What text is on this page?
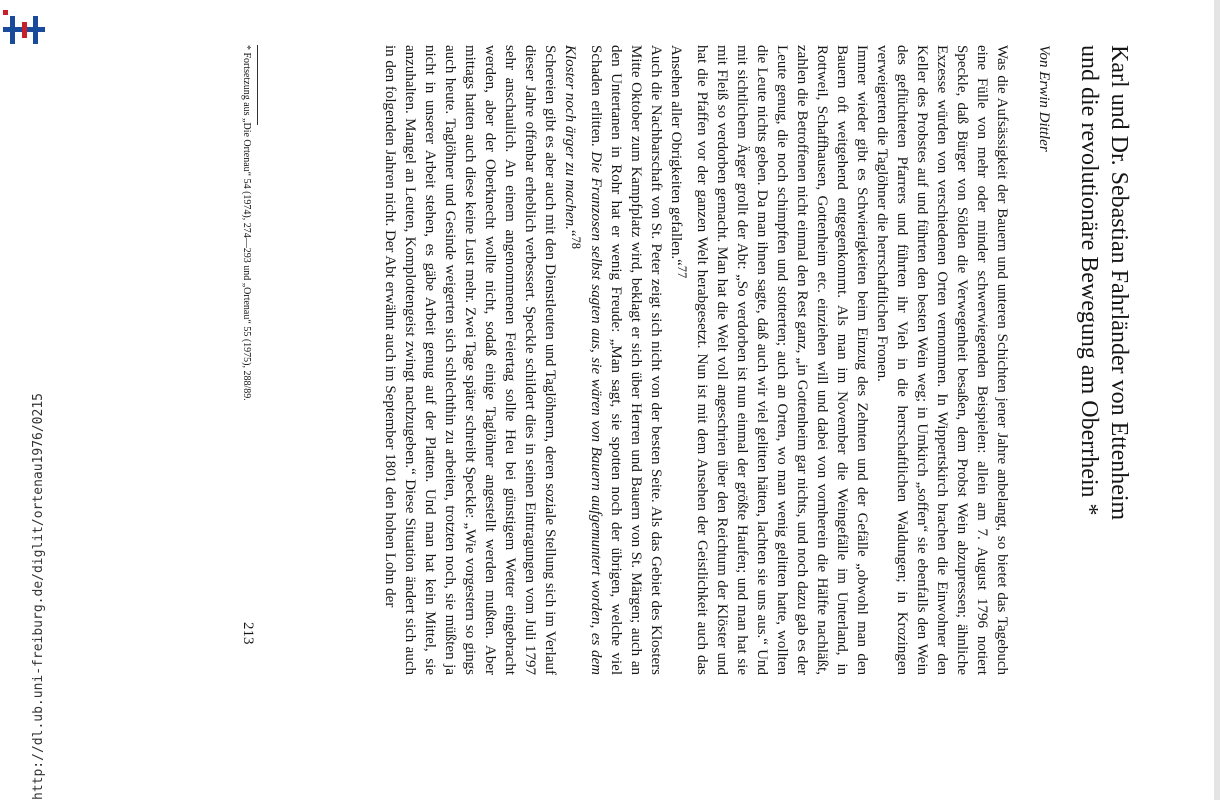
http://dl.ub.uni-freiburg.de/diglit/ortenau1976/0215
Karl und Dr. Sebastian Fahrländer von Ettenheim
und die revolutionäre Bewegung am Oberrhein *
Von Erwin Dittler

Was die Aufsässigkeit der Bauern und unteren Schichten jener Jahre anbelangt, so bietet das Tagebuch eine Fülle von mehr oder minder schwerwiegenden Beispielen: allein am 7. August 1796 notiert Speckle, daß Bürger von Sölden die Verwegenheit besaßen, dem Probst Wein abzupressen; ähnliche Exzesse würden von verschiedenen Orten vernommen. In Wippertskirch brachen die Einwohner den Keller des Probstes auf und führten den besten Wein weg; in Umkirch „soffen“ sie ebenfalls den Wein des geflüchteten Pfarrers und führten ihr Vieh in die herrschaftlichen Waldungen; in Krozingen verweigerten die Taglöhner die herrschaftlichen Fronen.

Immer wieder gibt es Schwierigkeiten beim Einzug des Zehnten und der Gefälle „obwohl man den Bauern oft weitgehend entgegenkommt. Als man im November die Weingefälle im Unterland, in Rottweil, Schaffhausen, Gottenheim etc. einziehen will und dabei von vornherein die Hälfte nachläßt, zahlen die Betroffenen nicht einmal den Rest ganz, „in Gottenheim gar nichts, und noch dazu gab es der Leute genug, die noch schimpften und stotterten; auch an Orten, wo man wenig gelitten hatte, wollten die Leute nichts geben. Da man ihnen sagte, daß auch wir viel gelitten hätten, lachten sie uns aus.“ Und mit sichtlichem Ärger grollt der Abt: „So verdorben ist nun einmal der größte Haufen; und man hat sie mit Fleiß so verdorben gemacht. Man hat die Welt voll angeschrien über den Reichtum der Klöster und hat die Pfaffen vor der ganzen Welt herabgesetzt. Nun ist mit dem Ansehen der Geistlichkeit auch das Ansehen aller Obrigkeiten gefallen.“$^{77}$

Auch die Nachbarschaft von St. Peter zeigt sich nicht von der besten Seite. Als das Gebiet des Klosters Mitte Oktober zum Kampfplatz wird, beklagt er sich über Herren und Bauern von St. Märgen; auch an den Untertanen in Rohr hat er wenig Freude: „Man sagt, sie spotten noch der übrigen, welche viel Schaden erlitten. Die Franzosen selbst sagten aus, sie wären von Bauern aufgemuntert worden, es dem Kloster noch ärger zu machen.“$^{78}$

Schereien gibt es aber auch mit den Dienstleuten und Taglöhnern, deren soziale Stellung sich im Verlauf dieser Jahre offenbar erheblich verbessert. Speckle schildert dies in seinen Eintragungen vom Juli 1797 sehr anschaulich. An einem angenommenen Feiertag sollte Heu bei günstigem Wetter eingebracht werden, aber der Oberknecht wollte nicht, sodaß einige Taglöhner angestellt werden mußten. Aber mittags hatten auch diese keine Lust mehr. Zwei Tage später schreibt Speckle: „Wie vorgestern so gings auch heute. Taglöhner und Gesinde weigerten sich schlechthin zu arbeiten, trotzten noch, sie müßten ja nicht in unserer Arbeit stehen, es gäbe Arbeit genug auf der Platten. Und man hat kein Mittel, sie anzuhalten. Mangel an Leuten, Komplottengeist zwingt nachzugeben.“ Diese Situation ändert sich auch in den folgenden Jahren nicht. Der Abt erwähnt auch im September 1801 den hohen Lohn der

* Fortsetzung aus „Die Ortenau“ 54 (1974), 274—293 und „Ortenau“ 55 (1975), 288/89.
213
